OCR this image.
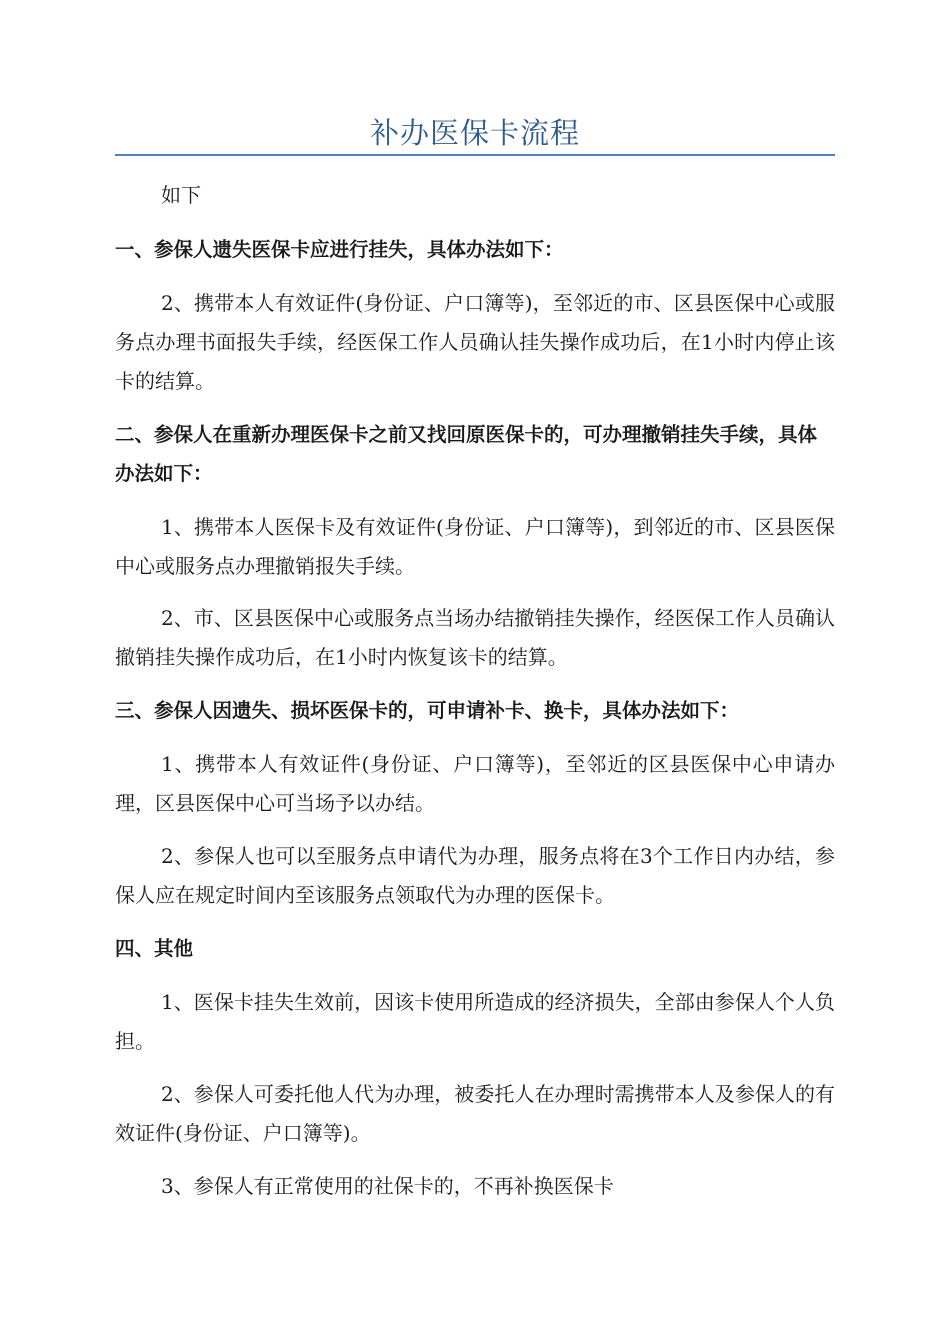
补办医保卡流程

如下

一、参保人遗失医保卡应进行挂失，具体办法如下：

2、携带本人有效证件(身份证、户口簿等)，至邻近的市、区县医保中心或服务点办理书面报失手续，经医保工作人员确认挂失操作成功后，在1小时内停止该卡的结算。

二、参保人在重新办理医保卡之前又找回原医保卡的，可办理撤销挂失手续，具体办法如下：

1、携带本人医保卡及有效证件(身份证、户口簿等)，到邻近的市、区县医保中心或服务点办理撤销报失手续。

2、市、区县医保中心或服务点当场办结撤销挂失操作，经医保工作人员确认撤销挂失操作成功后，在1小时内恢复该卡的结算。

三、参保人因遗失、损坏医保卡的，可申请补卡、换卡，具体办法如下：

1、携带本人有效证件(身份证、户口簿等)，至邻近的区县医保中心申请办理，区县医保中心可当场予以办结。

2、参保人也可以至服务点申请代为办理，服务点将在3个工作日内办结，参保人应在规定时间内至该服务点领取代为办理的医保卡。

四、其他

1、医保卡挂失生效前，因该卡使用所造成的经济损失，全部由参保人个人负担。

2、参保人可委托他人代为办理，被委托人在办理时需携带本人及参保人的有效证件(身份证、户口簿等)。

3、参保人有正常使用的社保卡的，不再补换医保卡
